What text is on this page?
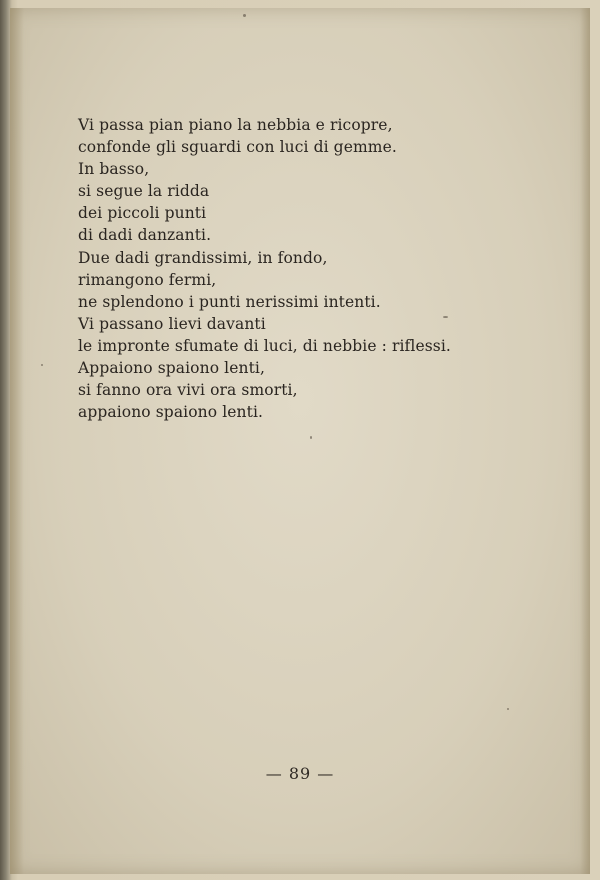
Vi passa pian piano la nebbia e ricopre,
confonde gli sguardi con luci di gemme.
In basso,
si segue la ridda
dei piccoli punti
di dadi danzanti.
Due dadi grandissimi, in fondo,
rimangono fermi,
ne splendono i punti nerissimi intenti.
Vi passano lievi davanti
le impronte sfumate di luci, di nebbie : riflessi.
Appaiono spaiono lenti,
si fanno ora vivi ora smorti,
appaiono spaiono lenti.
— 89 —
